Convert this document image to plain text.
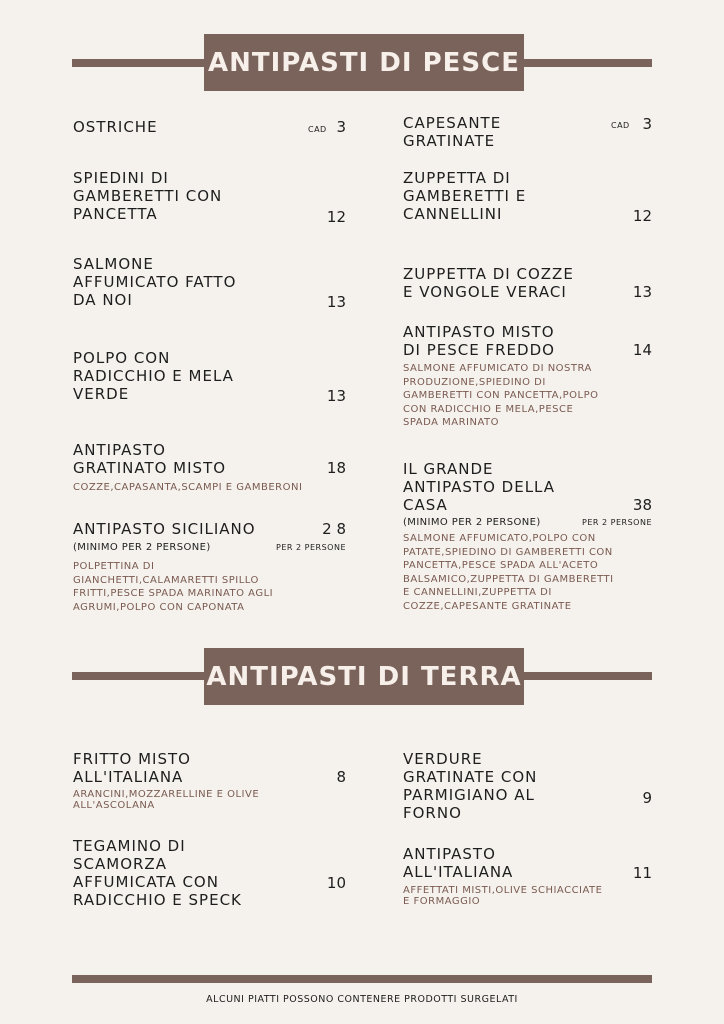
ANTIPASTI DI PESCE
OSTRICHE	CAD 3
SPIEDINI DI
GAMBERETTI CON
PANCETTA	12
SALMONE
AFFUMICATO FATTO
DA NOI	13
POLPO CON
RADICCHIO E MELA
VERDE	13
ANTIPASTO
GRATINATO MISTO	18
COZZE,CAPASANTA,SCAMPI E GAMBERONI
ANTIPASTO SICILIANO	2 8
(MINIMO PER 2 PERSONE)	PER 2 PERSONE
POLPETTINA DI
GIANCHETTI,CALAMARETTI SPILLO
FRITTI,PESCE SPADA MARINATO AGLI
AGRUMI,POLPO CON CAPONATA
CAPESANTE
GRATINATE
CAD 3
ZUPPETTA DI
GAMBERETTI E
CANNELLINI	12
ZUPPETTA DI COZZE
E VONGOLE VERACI	13
ANTIPASTO MISTO
DI PESCE FREDDO	14
SALMONE AFFUMICATO DI NOSTRA
PRODUZIONE,SPIEDINO DI
GAMBERETTI CON PANCETTA,POLPO
CON RADICCHIO E MELA,PESCE
SPADA MARINATO
IL GRANDE
ANTIPASTO DELLA
CASA	38
(MINIMO PER 2 PERSONE)	PER 2 PERSONE
SALMONE AFFUMICATO,POLPO CON
PATATE,SPIEDINO DI GAMBERETTI CON
PANCETTA,PESCE SPADA ALL'ACETO
BALSAMICO,ZUPPETTA DI GAMBERETTI
E CANNELLINI,ZUPPETTA DI
COZZE,CAPESANTE GRATINATE
ANTIPASTI DI TERRA
FRITTO MISTO
ALL'ITALIANA	8
ARANCINI,MOZZARELLINE E OLIVE
ALL'ASCOLANA
TEGAMINO DI
SCAMORZA
AFFUMICATA CON
RADICCHIO E SPECK
10
VERDURE
GRATINATE CON
PARMIGIANO AL
FORNO
9
ANTIPASTO
ALL'ITALIANA	11
AFFETTATI MISTI,OLIVE SCHIACCIATE
E FORMAGGIO
ALCUNI PIATTI POSSONO CONTENERE PRODOTTI SURGELATI
